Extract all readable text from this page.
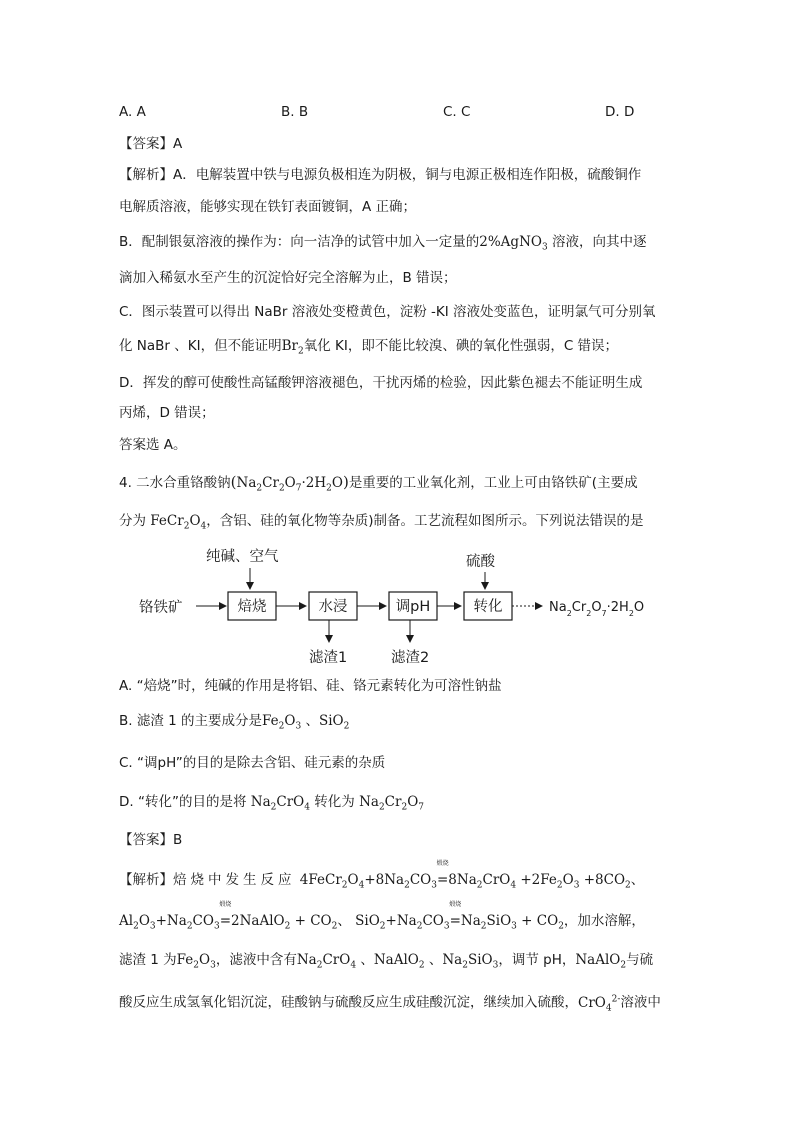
A. A	B. B	C. C	D. D
【答案】A
【解析】A．电解装置中铁与电源负极相连为阴极，铜与电源正极相连作阳极，硫酸铜作
电解质溶液，能够实现在铁钉表面镀铜，A 正确；
B．配制银氨溶液的操作为：向一洁净的试管中加入一定量的2%AgNO$_3$ 溶液，向其中逐
滴加入稀氨水至产生的沉淀恰好完全溶解为止，B 错误；
C．图示装置可以得出 NaBr 溶液处变橙黄色，淀粉 -KI 溶液处变蓝色，证明氯气可分别氧
化 NaBr 、KI，但不能证明$Br_2$氧化 KI，即不能比较溴、碘的氧化性强弱，C 错误；
D．挥发的醇可使酸性高锰酸钾溶液褪色，干扰丙烯的检验，因此紫色褪去不能证明生成
丙烯，D 错误；
答案选 A。
4. 二水合重铬酸钠$(Na_2Cr_2O_7\cdot 2H_2O)$是重要的工业氧化剂，工业上可由铬铁矿(主要成
分为 $FeCr_2O_4$，含铝、硅的氧化物等杂质)制备。工艺流程如图所示。下列说法错误的是
铬铁矿
纯碱、空气	硫酸
焙烧	水浸	调pH	转化	$Na_2Cr_2O_7\cdot 2H_2O$
滤渣1	滤渣2
A. “焙烧”时，纯碱的作用是将铝、硅、铬元素转化为可溶性钠盐
B. 滤渣 1 的主要成分是$Fe_2O_3$ 、SiO$_2$
C. “调pH”的目的是除去含铝、硅元素的杂质
D. “转化”的目的是将 $Na_2CrO_4$ 转化为 $Na_2Cr_2O_7$
【答案】B
【解析】焙烧中发生反应 $4FeCr_2O_4+8Na_2CO_3$
煅烧
$=8Na_2CrO_4 +2Fe_2O_3 +8CO_2$、
$Al_2O_3+Na_2CO_3$
煅烧
=2NaAlO$_2$ + $CO_2$、 $SiO_2+Na_2CO_3$
煅烧
$=Na_2SiO_3 + CO_2$，加水溶解，
滤渣 1 为$Fe_2O_3$，滤液中含有$Na_2CrO_4$ 、NaAlO$_2$ 、$Na_2SiO_3$，调节 pH，NaAlO$_2$与硫
酸反应生成氢氧化铝沉淀，硅酸钠与硫酸反应生成硅酸沉淀，继续加入硫酸，CrO$_4^{2-}$溶液中
